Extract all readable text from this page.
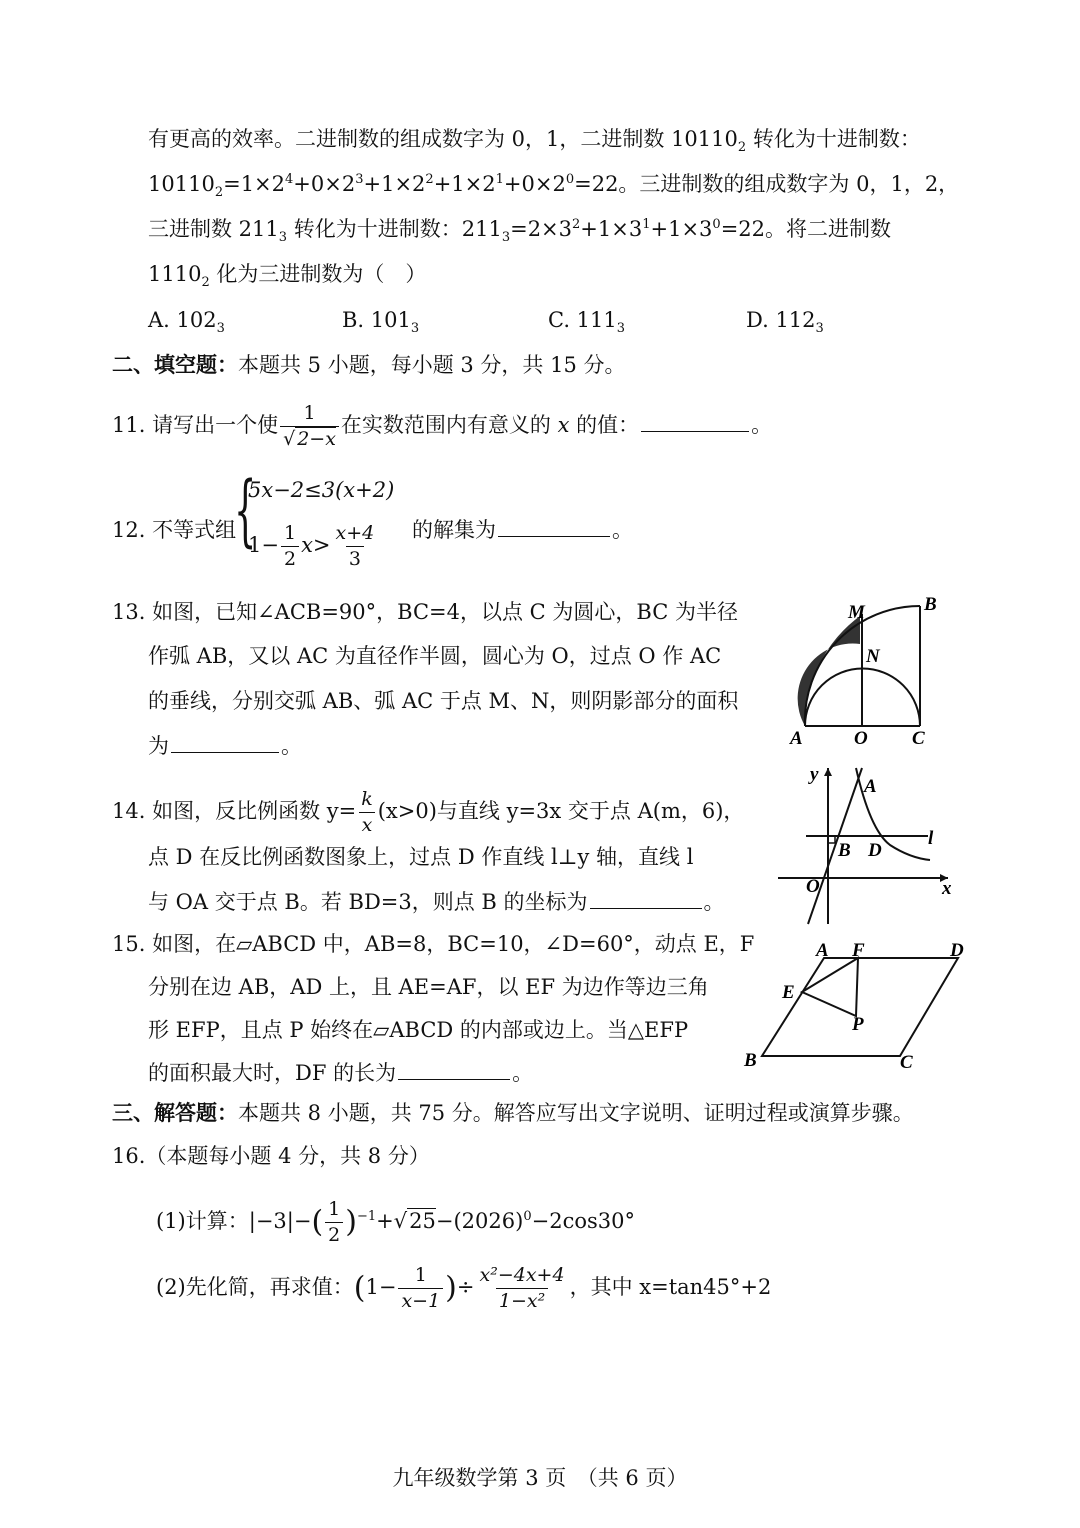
有更高的效率。二进制数的组成数字为 0，1，二进制数 $10110_2$ 转化为十进制数：
$10110_2=1\times 2^4+0\times 2^3+1\times 2^2+1\times 2^1+0\times 2^0=22$。三进制数的组成数字为 0，1，2，
三进制数 $211_3$ 转化为十进制数：$211_3=2\times 3^2+1\times 3^1+1\times 3^0=22$。将二进制数
$1110_2$ 化为三进制数为（　）
A. $102_3$	B. $101_3$	C. $111_3$	D. $112_3$
二、填空题：本题共 5 小题，每小题 3 分，共 15 分。
11. 请写出一个使 $\frac{1}{√ 2-x}$ 在实数范围内有意义的 x 的值：	。
12. 不等式组
{
5x−2≤3(x+2)
$1- \frac{1}{2} x> \frac{x+4}{3}$ 的解集为	。
13. 如图，已知∠ACB=90°，BC=4，以点 C 为圆心，BC 为半径
作弧 AB，又以 AC 为直径作半圆，圆心为 O，过点 O 作 AC
的垂线，分别交弧 AB、弧 AC 于点 M、N，则阴影部分的面积
为	。
M	B
N
A	O C
14. 如图，反比例函数 $y= \frac{k}{x} (x>0)$与直线 y=3x 交于点 A(m，6)，
点 D 在反比例函数图象上，过点 D 作直线 l⊥y 轴，直线 l
与 OA 交于点 B。若 BD=3，则点 B 的坐标为	。
y
A
l
B D
O	x
15. 如图，在▱ABCD 中，AB=8，BC=10，∠D=60°，动点 E，F
分别在边 AB，AD 上，且 AE=AF，以 EF 为边作等边三角
形 EFP，且点 P 始终在▱ABCD 的内部或边上。当△EFP
的面积最大时，DF 的长为	。
A F	D
E
P
B	C
三、解答题：本题共 8 小题，共 75 分。解答应写出文字说明、证明过程或演算步骤。
16.（本题每小题 4 分，共 8 分）
(1)计算：$|-3|-( \frac{1}{2} )^{-1}+√25-(2026)^0-2\cos 30^\circ$
(2)先化简，再求值：($1- \frac{1}{x-1}$ )÷ $\frac{\text{x²−4x+4}}{\text{1−x²}}$ ，其中 x=tan45°+2
九年级数学第 3 页　（共 6 页）
